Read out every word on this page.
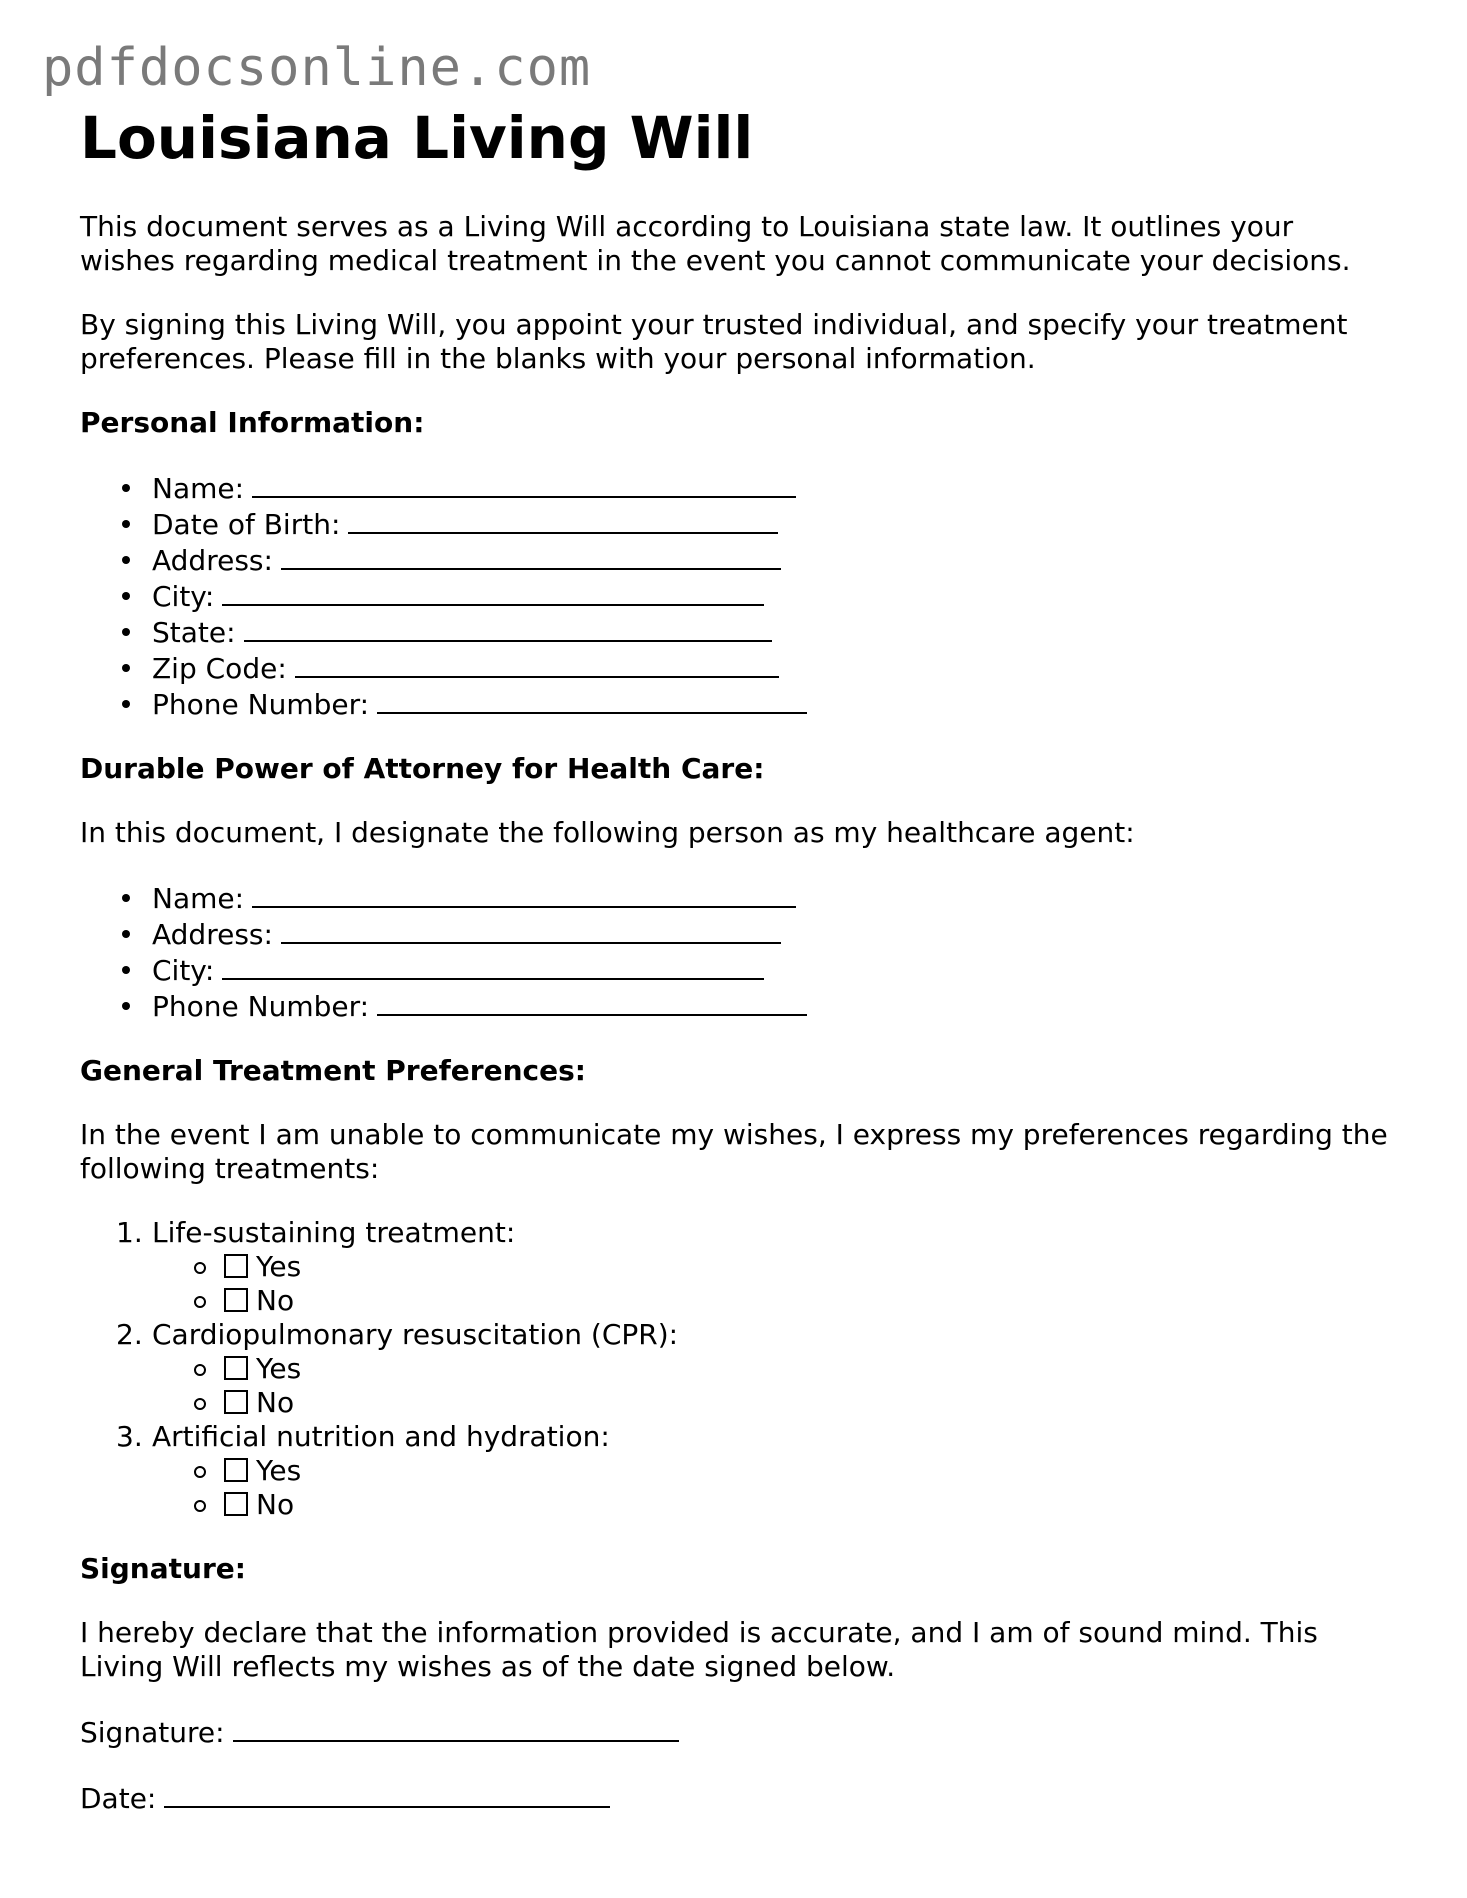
pdfdocsonline.com
Louisiana Living Will

This document serves as a Living Will according to Louisiana state law. It outlines your wishes regarding medical treatment in the event you cannot communicate your decisions.

By signing this Living Will, you appoint your trusted individual, and specify your treatment preferences. Please fill in the blanks with your personal information.

Personal Information:
Name:
Date of Birth:
Address:
City:
State:
Zip Code:
Phone Number:
Durable Power of Attorney for Health Care:

In this document, I designate the following person as my healthcare agent:

Name:
Address:
City:
Phone Number:
General Treatment Preferences:

In the event I am unable to communicate my wishes, I express my preferences regarding the following treatments:

1. Life-sustaining treatment:
Yes
No
2. Cardiopulmonary resuscitation (CPR):
Yes
No
3. Artificial nutrition and hydration:
Yes
No
Signature:

I hereby declare that the information provided is accurate, and I am of sound mind. This Living Will reflects my wishes as of the date signed below.

Signature:
Date:
